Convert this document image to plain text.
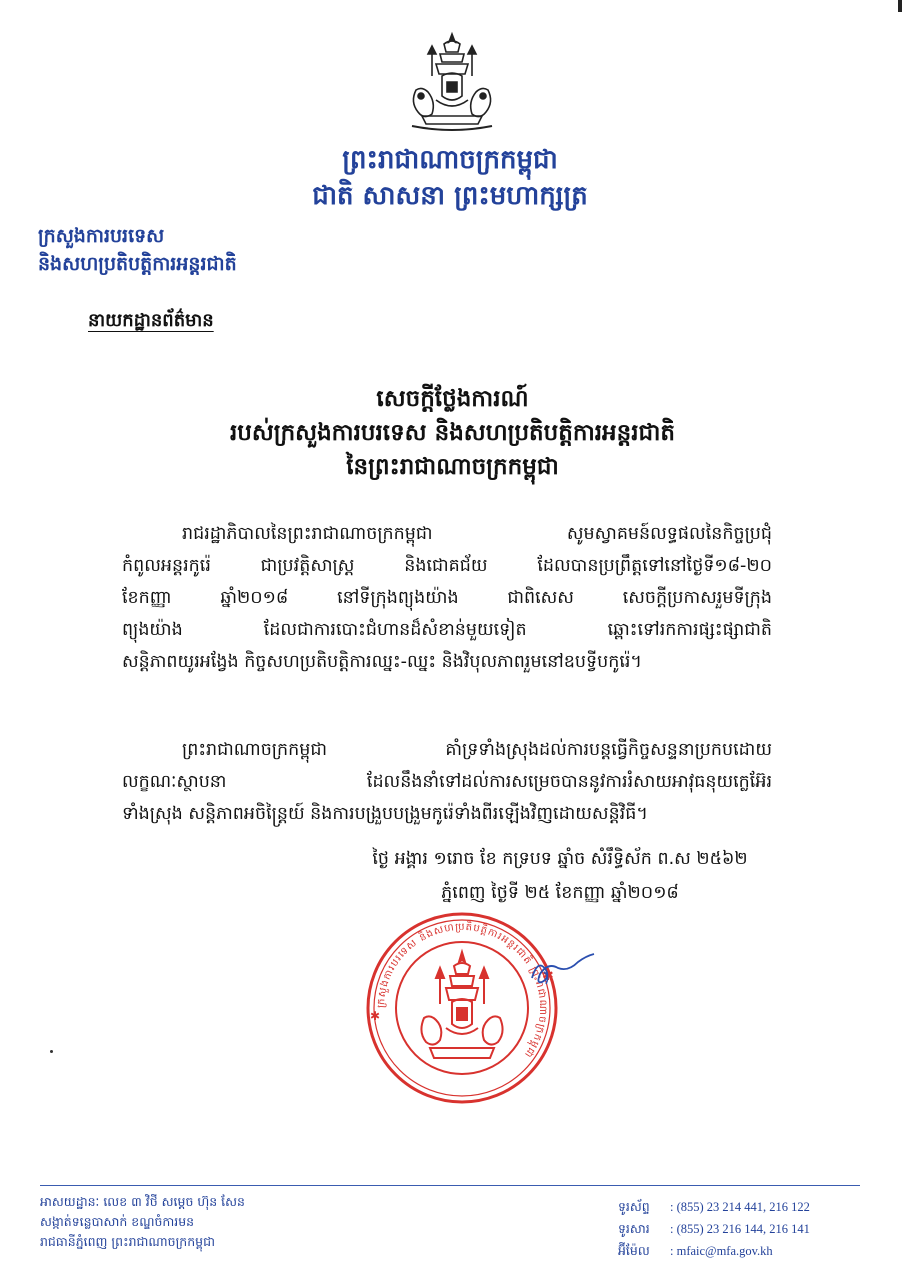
ព្រះរាជាណាចក្រកម្ពុជា
ជាតិ សាសនា ព្រះមហាក្សត្រ
ក្រសួងការបរទេស
និងសហប្រតិបត្តិការអន្តរជាតិ
នាយកដ្ឋានព័ត៌មាន
សេចក្តីថ្លែងការណ៍
របស់ក្រសួងការបរទេស និងសហប្រតិបត្តិការអន្តរជាតិ
នៃព្រះរាជាណាចក្រកម្ពុជា
រាជរដ្ឋាភិបាលនៃព្រះរាជាណាចក្រកម្ពុជា សូមស្វាគមន៍លទ្ធផលនៃកិច្ចប្រជុំ
កំពូលអន្តរកូរ៉េ ជាប្រវត្តិសាស្ត្រ និងជោគជ័យ ដែលបានប្រព្រឹត្តទៅនៅថ្ងៃទី១៨-២០
ខែកញ្ញា ឆ្នាំ២០១៨ នៅទីក្រុងព្យុងយ៉ាង ជាពិសេស សេចក្តីប្រកាសរួមទីក្រុង
ព្យុងយ៉ាង ដែលជាការបោះជំហានដ៏សំខាន់មួយទៀត ឆ្ពោះទៅរកការផ្សះផ្សាជាតិ
សន្តិភាពយូរអង្វែង កិច្ចសហប្រតិបត្តិការឈ្នះ-ឈ្នះ និងវិបុលភាពរួមនៅឧបទ្វីបកូរ៉េ។
ព្រះរាជាណាចក្រកម្ពុជា គាំទ្រទាំងស្រុងដល់ការបន្តធ្វើកិច្ចសន្ទនាប្រកបដោយ
លក្ខណៈស្ថាបនា ដែលនឹងនាំទៅដល់ការសម្រេចបាននូវការរំសាយអាវុធនុយក្លេអ៊ែរ
ទាំងស្រុង សន្តិភាពអចិន្ត្រៃយ៍ និងការបង្រួបបង្រួមកូរ៉េទាំងពីរឡើងវិញដោយសន្តិវិធី។
ថ្ងៃ អង្គារ ១រោច ខែ កទ្របទ ឆ្នាំច សំរឹទ្ធិស័ក ព.ស ២៥៦២
ភ្នំពេញ ថ្ងៃទី ២៥ ខែកញ្ញា ឆ្នាំ២០១៨
ក្រសួងការបរទេស និងសហប្រតិបត្តិការអន្តរជាតិ ព្រះរាជាណាចក្រកម្ពុជា
✱
✱
អាសយដ្ឋានៈ លេខ ៣ វិថី សម្តេច ហ៊ុន សែន
សង្កាត់ទន្លេបាសាក់ ខណ្ឌចំការមន
រាជធានីភ្នំពេញ ព្រះរាជាណាចក្រកម្ពុជា
ទូរស័ព្ទ : (855) 23 214 441, 216 122
ទូរសារ : (855) 23 216 144, 216 141
អ៊ីម៉ែល : mfaic@mfa.gov.kh
